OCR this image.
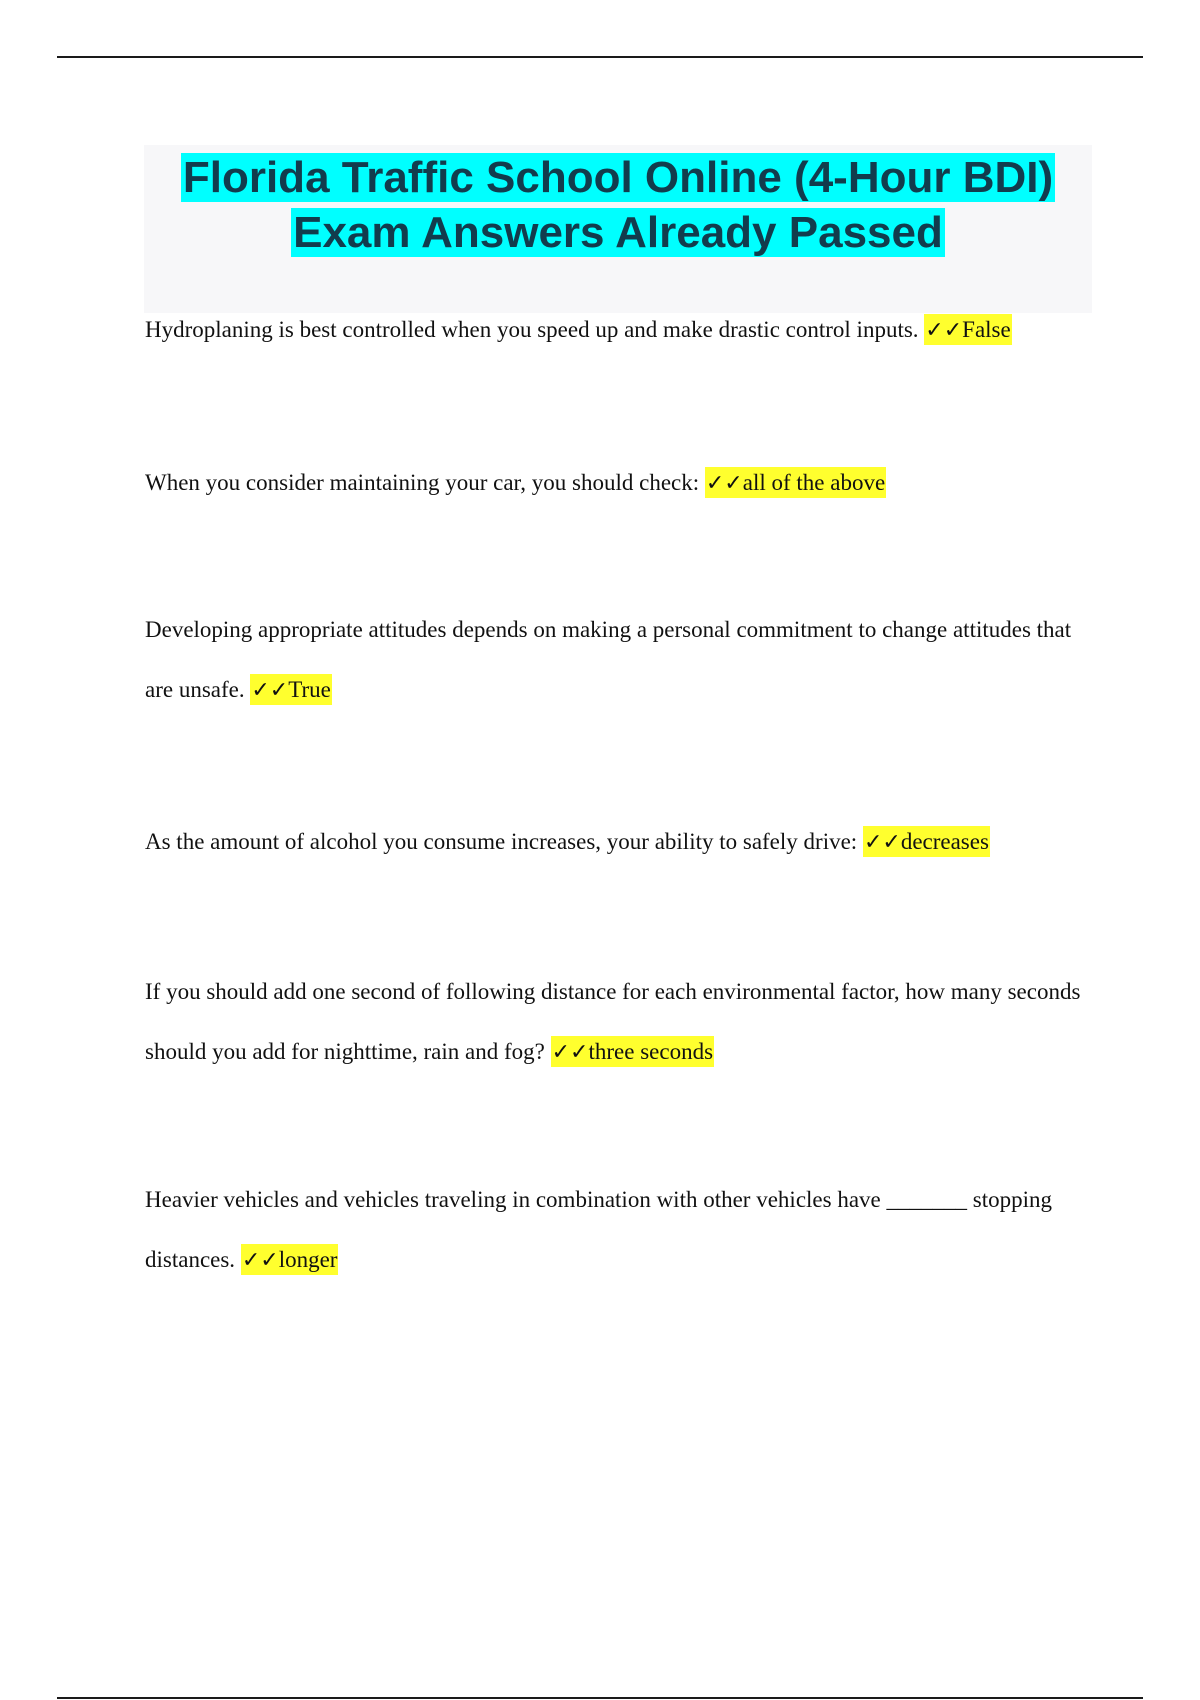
Florida Traffic School Online (4-Hour BDI) Exam Answers Already Passed

Hydroplaning is best controlled when you speed up and make drastic control inputs. ✓✓False

When you consider maintaining your car, you should check: ✓✓all of the above

Developing appropriate attitudes depends on making a personal commitment to change attitudes that are unsafe. ✓✓True

As the amount of alcohol you consume increases, your ability to safely drive: ✓✓decreases

If you should add one second of following distance for each environmental factor, how many seconds should you add for nighttime, rain and fog? ✓✓three seconds

Heavier vehicles and vehicles traveling in combination with other vehicles have _______ stopping distances. ✓✓longer
